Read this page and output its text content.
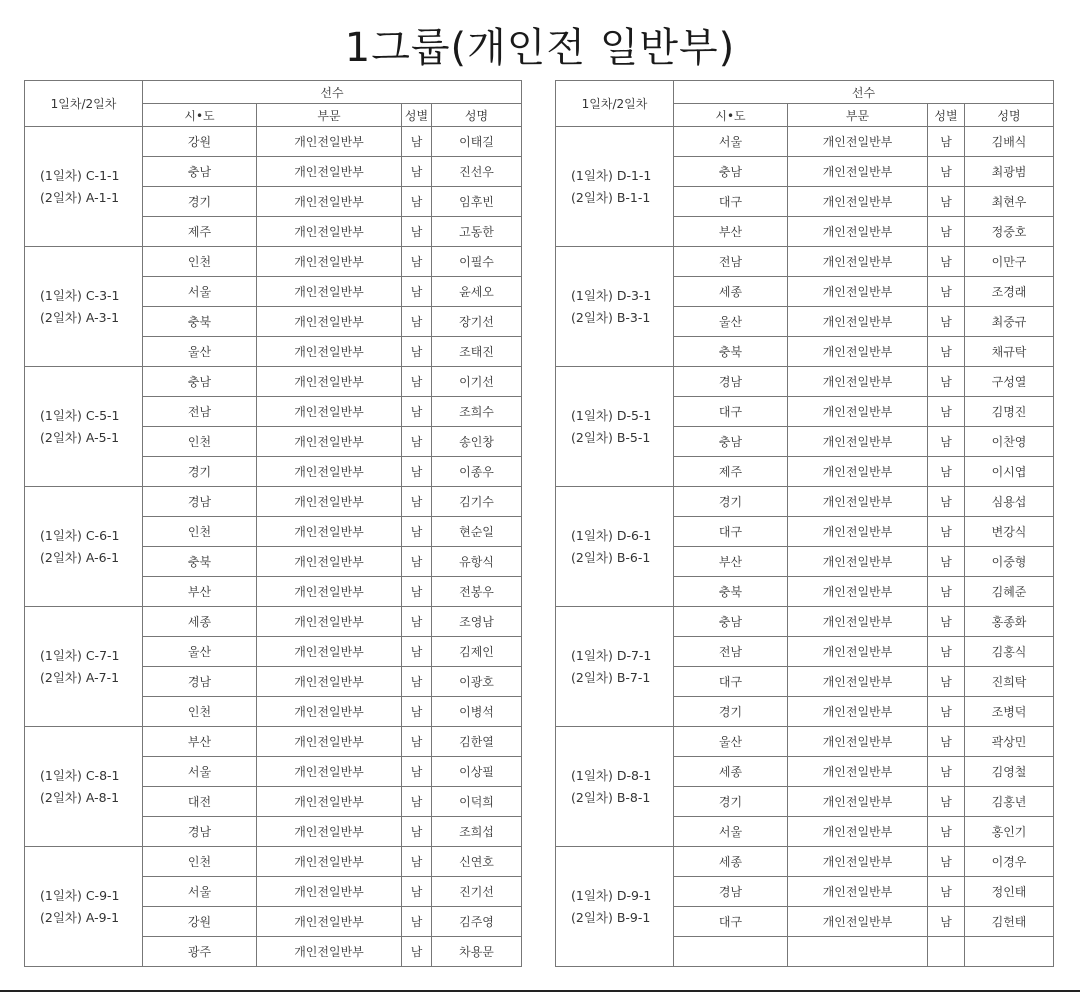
1그룹(개인전 일반부)
1일차/2일차	선수			
	시•도	부문	성별	성명

(1일차) C-1-1
(2일차) A-1-1	강원	개인전일반부	남	이태길
	충남	개인전일반부	남	진선우
	경기	개인전일반부	남	임후빈
	제주	개인전일반부	남	고동한

(1일차) C-3-1
(2일차) A-3-1	인천	개인전일반부	남	이필수
	서울	개인전일반부	남	윤세오
	충북	개인전일반부	남	장기선
	울산	개인전일반부	남	조태진

(1일차) C-5-1
(2일차) A-5-1	충남	개인전일반부	남	이기선
	전남	개인전일반부	남	조희수
	인천	개인전일반부	남	송인창
	경기	개인전일반부	남	이종우

(1일차) C-6-1
(2일차) A-6-1	경남	개인전일반부	남	김기수
	인천	개인전일반부	남	현순일
	충북	개인전일반부	남	유항식
	부산	개인전일반부	남	전봉우

(1일차) C-7-1
(2일차) A-7-1	세종	개인전일반부	남	조영남
	울산	개인전일반부	남	김제인
	경남	개인전일반부	남	이광호
	인천	개인전일반부	남	이병석

(1일차) C-8-1
(2일차) A-8-1	부산	개인전일반부	남	김한열
	서울	개인전일반부	남	이상필
	대전	개인전일반부	남	이덕희
	경남	개인전일반부	남	조희섭

(1일차) C-9-1
(2일차) A-9-1	인천	개인전일반부	남	신연호
	서울	개인전일반부	남	진기선
	강원	개인전일반부	남	김주영
	광주	개인전일반부	남	차용문
1일차/2일차	선수			
	시•도	부문	성별	성명

(1일차) D-1-1
(2일차) B-1-1	서울	개인전일반부	남	김배식
	충남	개인전일반부	남	최광범
	대구	개인전일반부	남	최현우
	부산	개인전일반부	남	정중호

(1일차) D-3-1
(2일차) B-3-1	전남	개인전일반부	남	이만구
	세종	개인전일반부	남	조경래
	울산	개인전일반부	남	최중규
	충북	개인전일반부	남	채규탁

(1일차) D-5-1
(2일차) B-5-1	경남	개인전일반부	남	구성열
	대구	개인전일반부	남	김명진
	충남	개인전일반부	남	이찬영
	제주	개인전일반부	남	이시엽

(1일차) D-6-1
(2일차) B-6-1	경기	개인전일반부	남	심용섭
	대구	개인전일반부	남	변강식
	부산	개인전일반부	남	이중형
	충북	개인전일반부	남	김혜준

(1일차) D-7-1
(2일차) B-7-1	충남	개인전일반부	남	홍종화
	전남	개인전일반부	남	김홍식
	대구	개인전일반부	남	진희탁
	경기	개인전일반부	남	조병덕

(1일차) D-8-1
(2일차) B-8-1	울산	개인전일반부	남	곽상민
	세종	개인전일반부	남	김영철
	경기	개인전일반부	남	김홍년
	서울	개인전일반부	남	홍인기

(1일차) D-9-1
(2일차) B-9-1	세종	개인전일반부	남	이경우
	경남	개인전일반부	남	정인태
	대구	개인전일반부	남	김헌태
